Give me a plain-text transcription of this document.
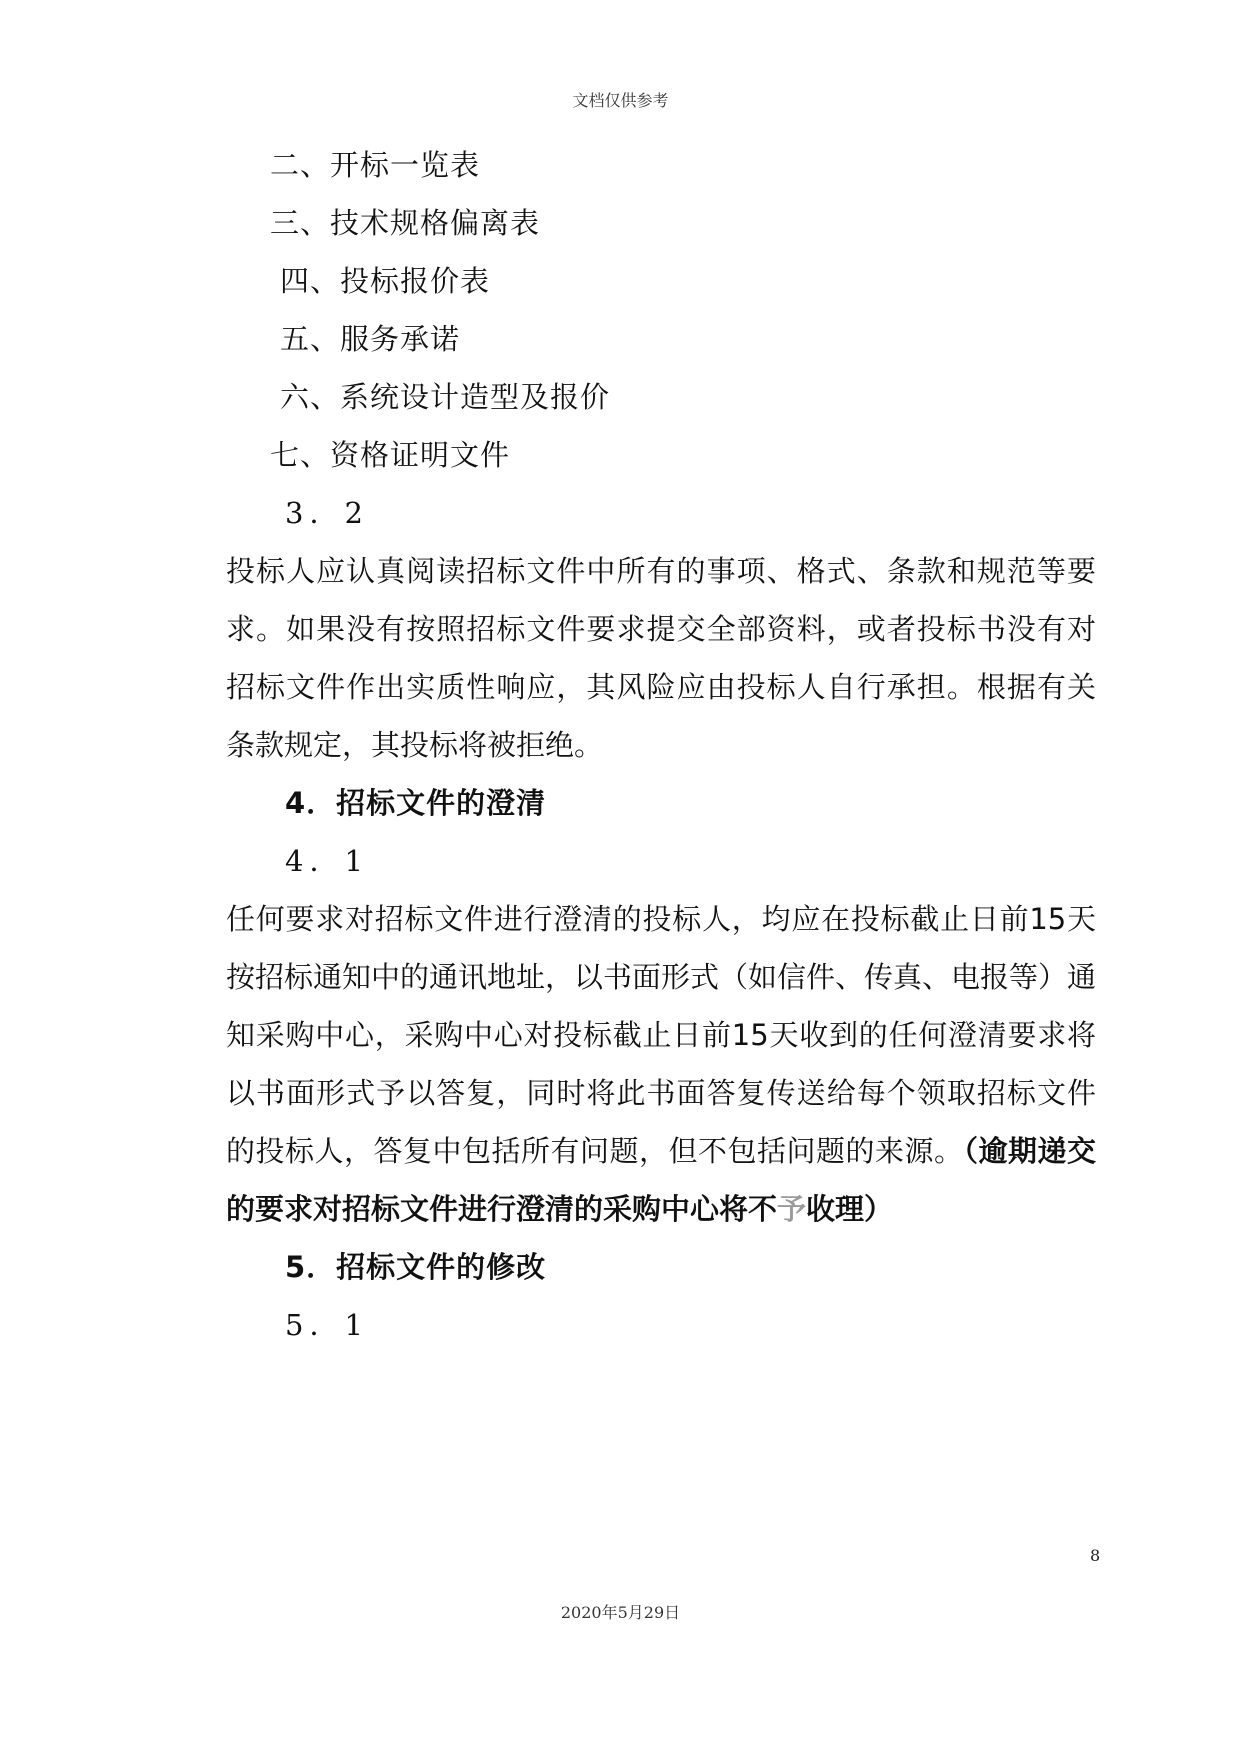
文档仅供参考
二、开标一览表
三、技术规格偏离表
四、投标报价表
五、服务承诺
六、系统设计造型及报价
七、资格证明文件
3．2
投标人应认真阅读招标文件中所有的事项、格式、条款和规范等要
求。如果没有按照招标文件要求提交全部资料，或者投标书没有对
招标文件作出实质性响应，其风险应由投标人自行承担。根据有关
条款规定，其投标将被拒绝。
4．招标文件的澄清
4．1
任何要求对招标文件进行澄清的投标人，均应在投标截止日前15天
按招标通知中的通讯地址，以书面形式（如信件、传真、电报等）通
知采购中心，采购中心对投标截止日前15天收到的任何澄清要求将
以书面形式予以答复，同时将此书面答复传送给每个领取招标文件
的投标人，答复中包括所有问题，但不包括问题的来源。（逾期递交
的要求对招标文件进行澄清的采购中心将不予收理）
5．招标文件的修改
5．1
8
2020年5月29日
